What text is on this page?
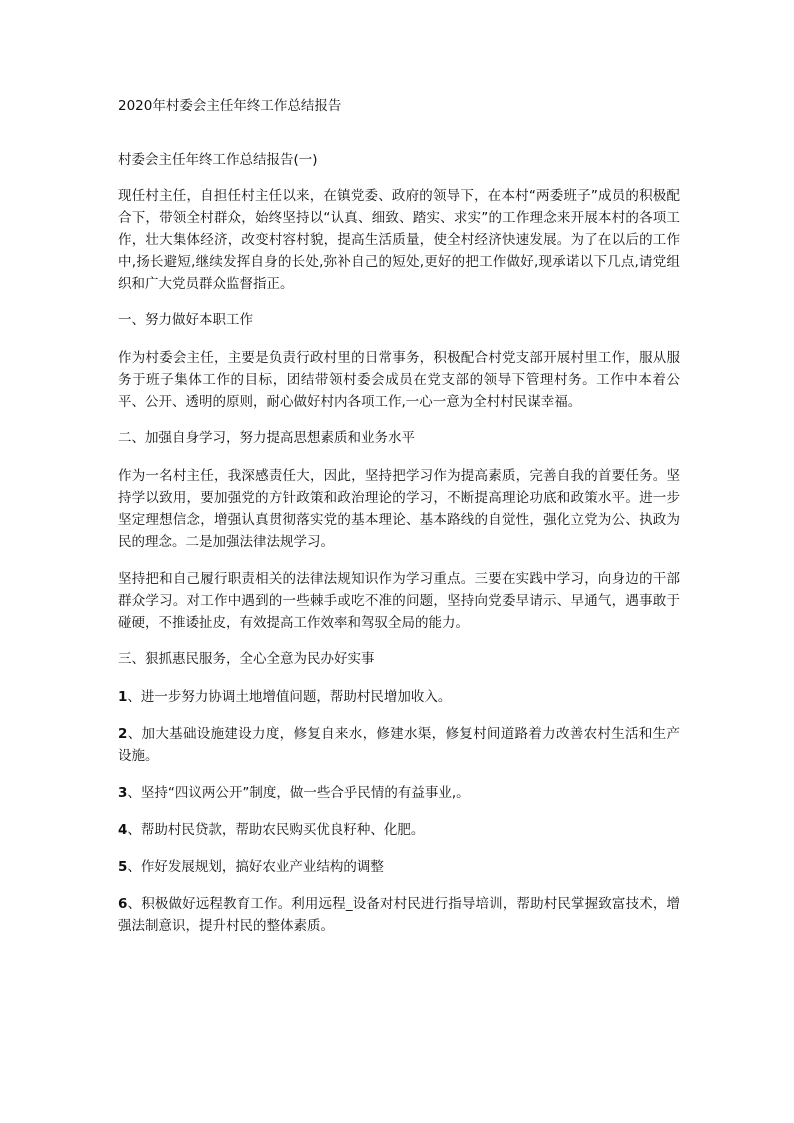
2020年村委会主任年终工作总结报告
村委会主任年终工作总结报告(一)
现任村主任，自担任村主任以来，在镇党委、政府的领导下，在本村“两委班子”成员的积极配合下，带领全村群众，始终坚持以“认真、细致、踏实、求实”的工作理念来开展本村的各项工作，壮大集体经济，改变村容村貌，提高生活质量，使全村经济快速发展。为了在以后的工作中,扬长避短,继续发挥自身的长处,弥补自己的短处,更好的把工作做好,现承诺以下几点,请党组织和广大党员群众监督指正。
一、努力做好本职工作
作为村委会主任，主要是负责行政村里的日常事务，积极配合村党支部开展村里工作，服从服务于班子集体工作的目标，团结带领村委会成员在党支部的领导下管理村务。工作中本着公平、公开、透明的原则，耐心做好村内各项工作,一心一意为全村村民谋幸福。
二、加强自身学习，努力提高思想素质和业务水平
作为一名村主任，我深感责任大，因此，坚持把学习作为提高素质，完善自我的首要任务。坚持学以致用，要加强党的方针政策和政治理论的学习，不断提高理论功底和政策水平。进一步坚定理想信念，增强认真贯彻落实党的基本理论、基本路线的自觉性，强化立党为公、执政为民的理念。二是加强法律法规学习。
坚持把和自己履行职责相关的法律法规知识作为学习重点。三要在实践中学习，向身边的干部群众学习。对工作中遇到的一些棘手或吃不准的问题，坚持向党委早请示、早通气，遇事敢于碰硬，不推诿扯皮，有效提高工作效率和驾驭全局的能力。
三、狠抓惠民服务，全心全意为民办好实事
1、进一步努力协调土地增值问题，帮助村民增加收入。
2、加大基础设施建设力度，修复自来水，修建水渠，修复村间道路着力改善农村生活和生产设施。
3、坚持“四议两公开”制度，做一些合乎民情的有益事业,。
4、帮助村民贷款，帮助农民购买优良籽种、化肥。
5、作好发展规划，搞好农业产业结构的调整
6、积极做好远程教育工作。利用远程_设备对村民进行指导培训，帮助村民掌握致富技术，增强法制意识，提升村民的整体素质。
